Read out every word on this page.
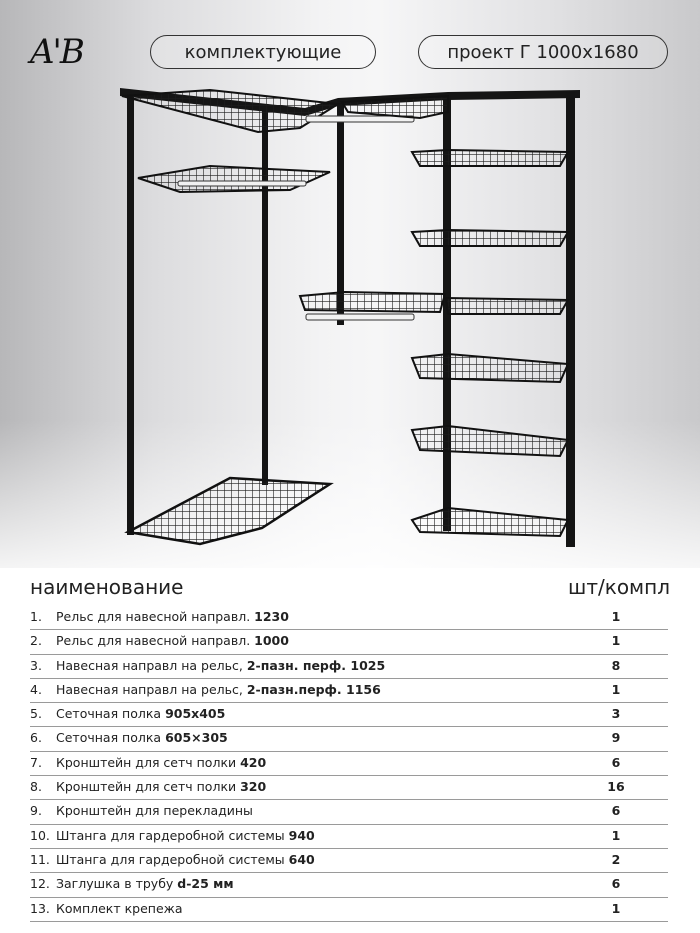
A'B	комплектующие	проект Г 1000x1680
наименование	шт/компл
1. Рельс для навесной направл. 1230	1
2. Рельс для навесной направл. 1000	1
3. Навесная направл на рельс, 2-пазн. перф. 1025	8
4. Навесная направл на рельс, 2-пазн.перф. 1156	1
5. Сеточная полка 905x405	3
6. Сеточная полка 605×305	9
7. Кронштейн для сетч полки 420	6
8. Кронштейн для сетч полки 320	16
9. Кронштейн для перекладины	6
10. Штанга для гардеробной системы 940	1
11. Штанга для гардеробной системы 640	2
12. Заглушка в трубу d-25 мм	6
13. Комплект крепежа	1
